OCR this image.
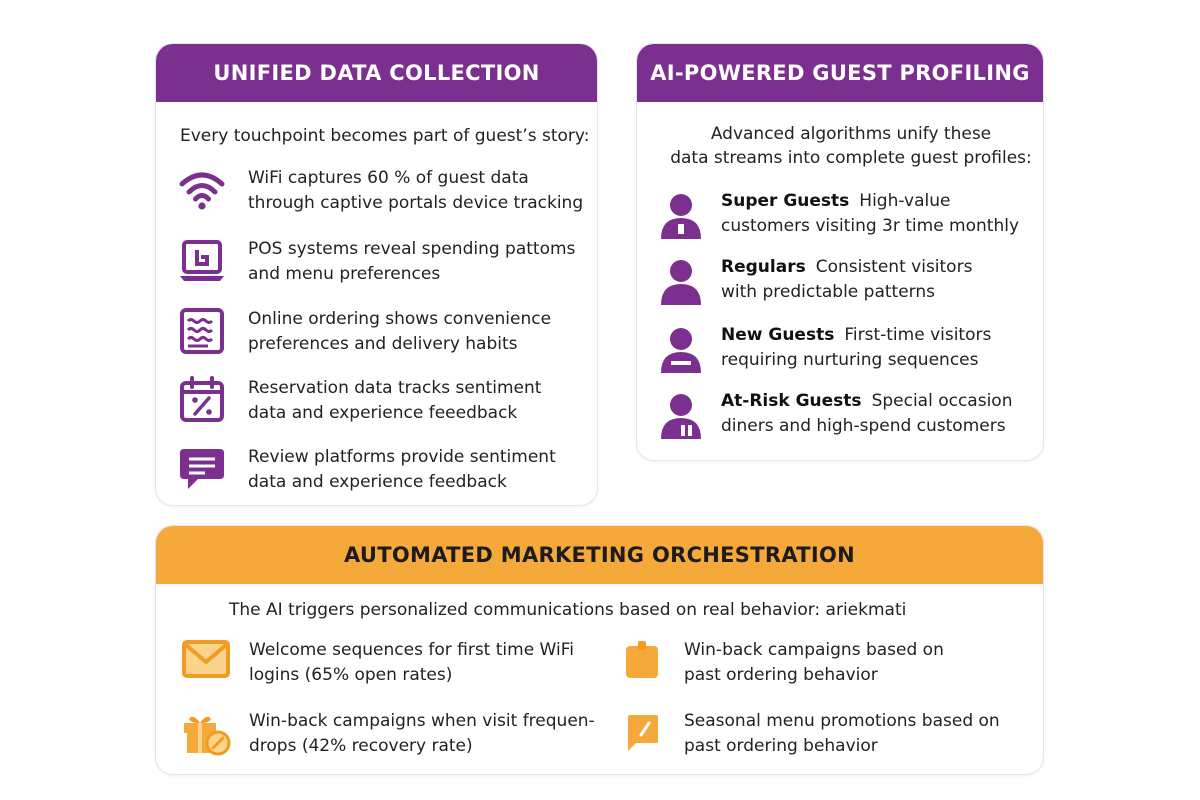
UNIFIED DATA COLLECTION
Every touchpoint becomes part of guest’s story:
WiFi captures 60 % of guest data
through captive portals device tracking
POS systems reveal spending pattoms
and menu preferences
Online ordering shows convenience
preferences and delivery habits
Reservation data tracks sentiment
data and experience feeedback
Review platforms provide sentiment
data and experience feedback
AI-POWERED GUEST PROFILING
Advanced algorithms unify these
data streams into complete guest profiles:
Super Guests High-value
customers visiting 3r time monthly
Regulars Consistent visitors
with predictable patterns
New Guests First-time visitors
requiring nurturing sequences
At-Risk Guests Special occasion
diners and high-spend customers
AUTOMATED MARKETING ORCHESTRATION
The AI triggers personalized communications based on real behavior: ariekmati
Welcome sequences for first time WiFi
logins (65% open rates)
Win-back campaigns when visit frequen-
drops (42% recovery rate)
Win-back campaigns based on
past ordering behavior
Seasonal menu promotions based on
past ordering behavior
